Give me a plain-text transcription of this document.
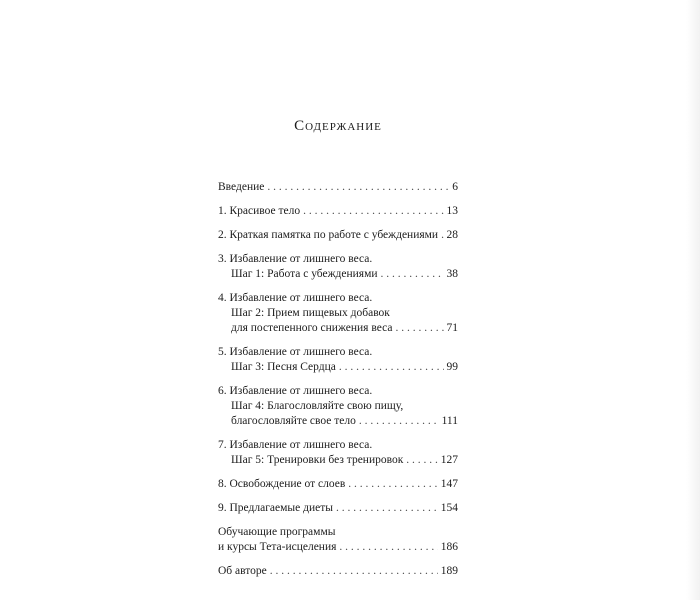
Содержание
Введение . . .	6
1. Красивое тело . . .	13
2. Краткая памятка по работе с убеждениями . . . 28
3. Избавление от лишнего веса.
Шаг 1: Работа с убеждениями . . .	38
4. Избавление от лишнего веса.
Шаг 2: Прием пищевых добавок
для постепенного снижения веса . . .	71
5. Избавление от лишнего веса.
Шаг 3: Песня Сердца . . .	99
6. Избавление от лишнего веса.
Шаг 4: Благословляйте свою пищу,
благословляйте свое тело . . .	111
7. Избавление от лишнего веса.
Шаг 5: Тренировки без тренировок . . .	127
8. Освобождение от слоев . . .	147
9. Предлагаемые диеты . . .	154
Обучающие программы
и курсы Тета-исцеления . . .	186
Об авторе . . .	189
